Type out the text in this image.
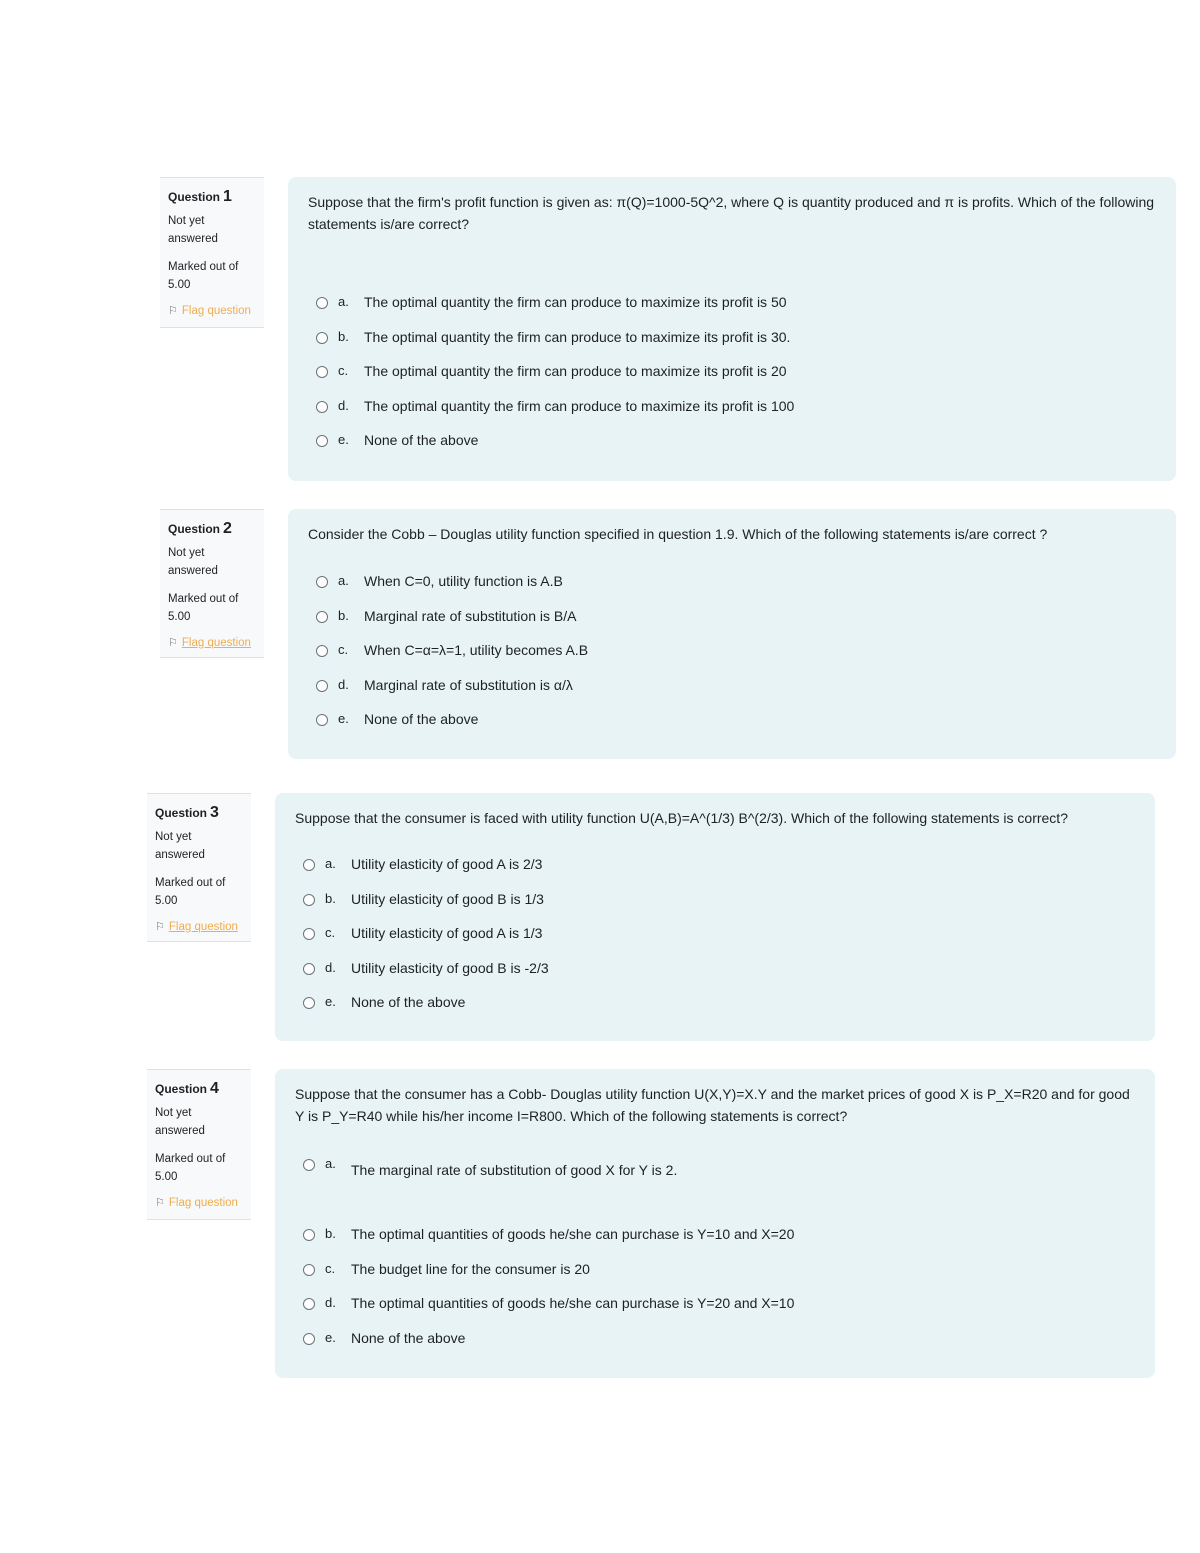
Question 1
Not yet answered
Marked out of 5.00
⚐ Flag question
Suppose that the firm's profit function is given as: π(Q)=1000-5Q^2, where Q is quantity produced and π is profits. Which of the following statements is/are correct?
a.	The optimal quantity the firm can produce to maximize its profit is 50
b.	The optimal quantity the firm can produce to maximize its profit is 30.
c.	The optimal quantity the firm can produce to maximize its profit is 20
d.	The optimal quantity the firm can produce to maximize its profit is 100
e.	None of the above
Question 2
Not yet answered
Marked out of 5.00
⚐ Flag question
Consider the Cobb – Douglas utility function specified in question 1.9. Which of the following statements is/are correct ?
a.	When C=0, utility function is A.B
b.	Marginal rate of substitution is B/A
c.	When C=α=λ=1, utility becomes A.B
d.	Marginal rate of substitution is α/λ
e.	None of the above
Question 3
Not yet answered
Marked out of 5.00
⚐ Flag question
Suppose that the consumer is faced with utility function U(A,B)=A^(1/3) B^(2/3). Which of the following statements is correct?
a.	Utility elasticity of good A is 2/3
b.	Utility elasticity of good B is 1/3
c.	Utility elasticity of good A is 1/3
d.	Utility elasticity of good B is -2/3
e.	None of the above
Question 4
Not yet answered
Marked out of 5.00
⚐ Flag question
Suppose that the consumer has a Cobb- Douglas utility function U(X,Y)=X.Y and the market prices of good X is P_X=R20 and for good Y is P_Y=R40 while his/her income I=R800. Which of the following statements is correct?
a.	The marginal rate of substitution of good X for Y is 2.
b.	The optimal quantities of goods he/she can purchase is Y=10 and X=20
c.	The budget line for the consumer is 20
d.	The optimal quantities of goods he/she can purchase is Y=20 and X=10
e.	None of the above
